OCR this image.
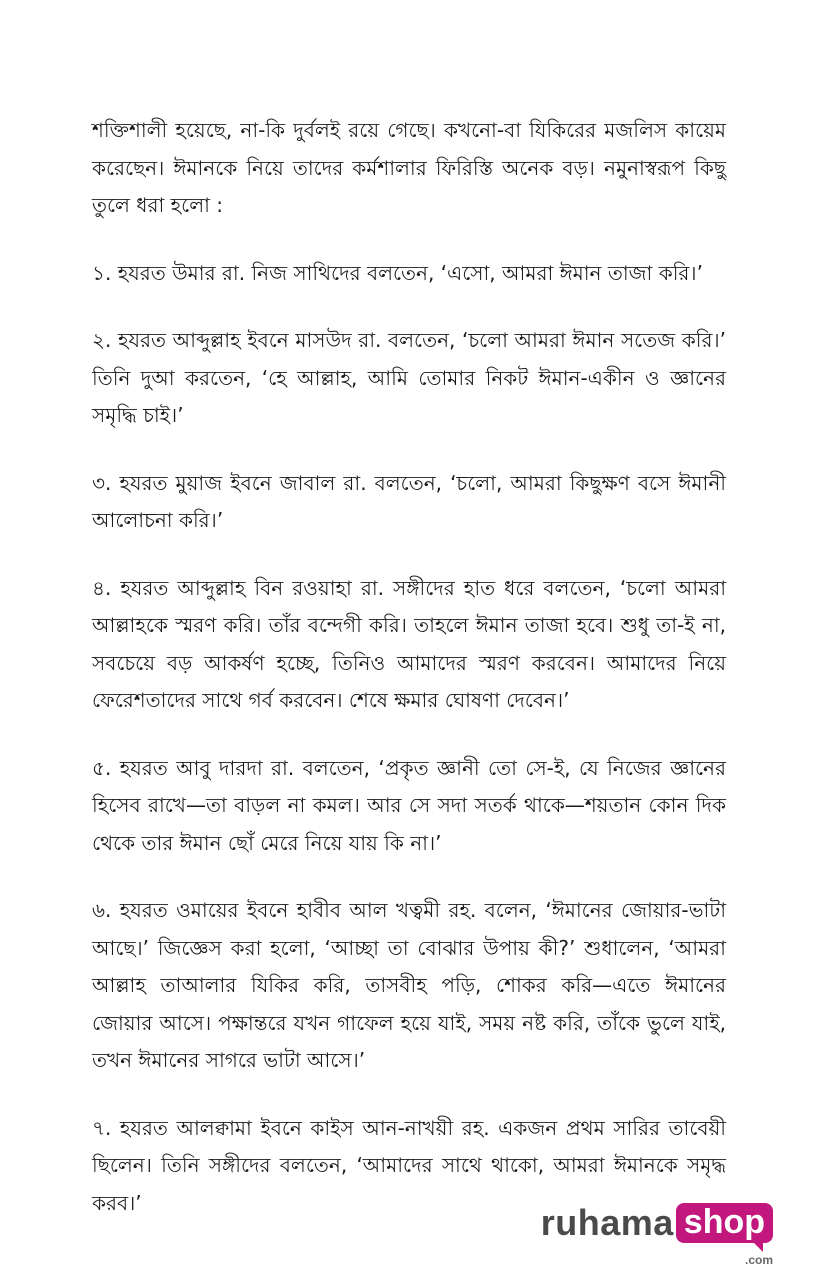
শক্তিশালী হয়েছে, না-কি দুর্বলই রয়ে গেছে। কখনো-বা যিকিরের মজলিস কায়েম করেছেন। ঈমানকে নিয়ে তাদের কর্মশালার ফিরিস্তি অনেক বড়। নমুনাস্বরূপ কিছু তুলে ধরা হলো :

১. হযরত উমার রা. নিজ সাথিদের বলতেন, ‘এসো, আমরা ঈমান তাজা করি।’

২. হযরত আব্দুল্লাহ ইবনে মাসউদ রা. বলতেন, ‘চলো আমরা ঈমান সতেজ করি।’ তিনি দুআ করতেন, ‘হে আল্লাহ, আমি তোমার নিকট ঈমান-একীন ও জ্ঞানের সমৃদ্ধি চাই।’

৩. হযরত মুয়াজ ইবনে জাবাল রা. বলতেন, ‘চলো, আমরা কিছুক্ষণ বসে ঈমানী আলোচনা করি।’

৪. হযরত আব্দুল্লাহ বিন রওয়াহা রা. সঙ্গীদের হাত ধরে বলতেন, ‘চলো আমরা আল্লাহকে স্মরণ করি। তাঁর বন্দেগী করি। তাহলে ঈমান তাজা হবে। শুধু তা-ই না, সবচেয়ে বড় আকর্ষণ হচ্ছে, তিনিও আমাদের স্মরণ করবেন। আমাদের নিয়ে ফেরেশতাদের সাথে গর্ব করবেন। শেষে ক্ষমার ঘোষণা দেবেন।’

৫. হযরত আবু দারদা রা. বলতেন, ‘প্রকৃত জ্ঞানী তো সে-ই, যে নিজের জ্ঞানের হিসেব রাখে—তা বাড়ল না কমল। আর সে সদা সতর্ক থাকে—শয়তান কোন দিক থেকে তার ঈমান ছোঁ মেরে নিয়ে যায় কি না।’

৬. হযরত ওমায়ের ইবনে হাবীব আল খত্বমী রহ. বলেন, ‘ঈমানের জোয়ার-ভাটা আছে।’ জিজ্ঞেস করা হলো, ‘আচ্ছা তা বোঝার উপায় কী?’ শুধালেন, ‘আমরা আল্লাহ তাআলার যিকির করি, তাসবীহ পড়ি, শোকর করি—এতে ঈমানের জোয়ার আসে। পক্ষান্তরে যখন গাফেল হয়ে যাই, সময় নষ্ট করি, তাঁকে ভুলে যাই, তখন ঈমানের সাগরে ভাটা আসে।’

৭. হযরত আলক্বামা ইবনে কাইস আন-নাখয়ী রহ. একজন প্রথম সারির তাবেয়ী ছিলেন। তিনি সঙ্গীদের বলতেন, ‘আমাদের সাথে থাকো, আমরা ঈমানকে সমৃদ্ধ করব।’	ruhama shop
.com
